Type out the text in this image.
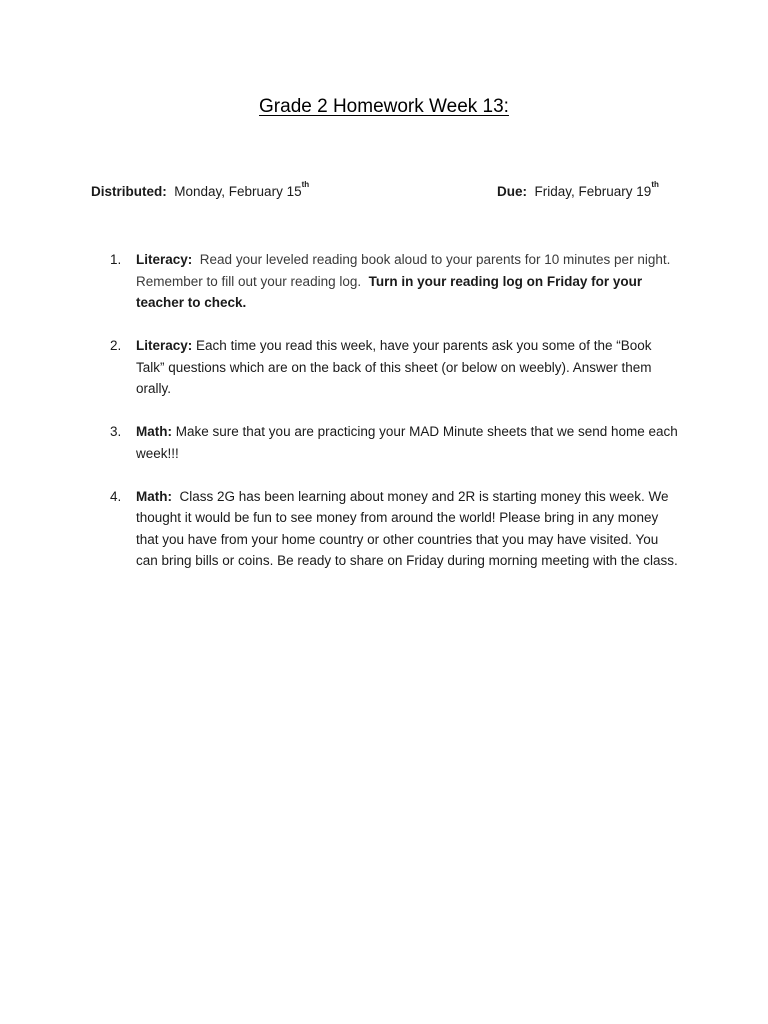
Grade 2 Homework Week 13:
Distributed: Monday, February 15th	Due: Friday, February 19th
1. Literacy: Read your leveled reading book aloud to your parents for 10 minutes per night. Remember to fill out your reading log. Turn in your reading log on Friday for your teacher to check.
2. Literacy: Each time you read this week, have your parents ask you some of the “Book Talk” questions which are on the back of this sheet (or below on weebly). Answer them orally.
3. Math: Make sure that you are practicing your MAD Minute sheets that we send home each week!!!
4. Math: Class 2G has been learning about money and 2R is starting money this week. We thought it would be fun to see money from around the world! Please bring in any money that you have from your home country or other countries that you may have visited. You can bring bills or coins. Be ready to share on Friday during morning meeting with the class.
